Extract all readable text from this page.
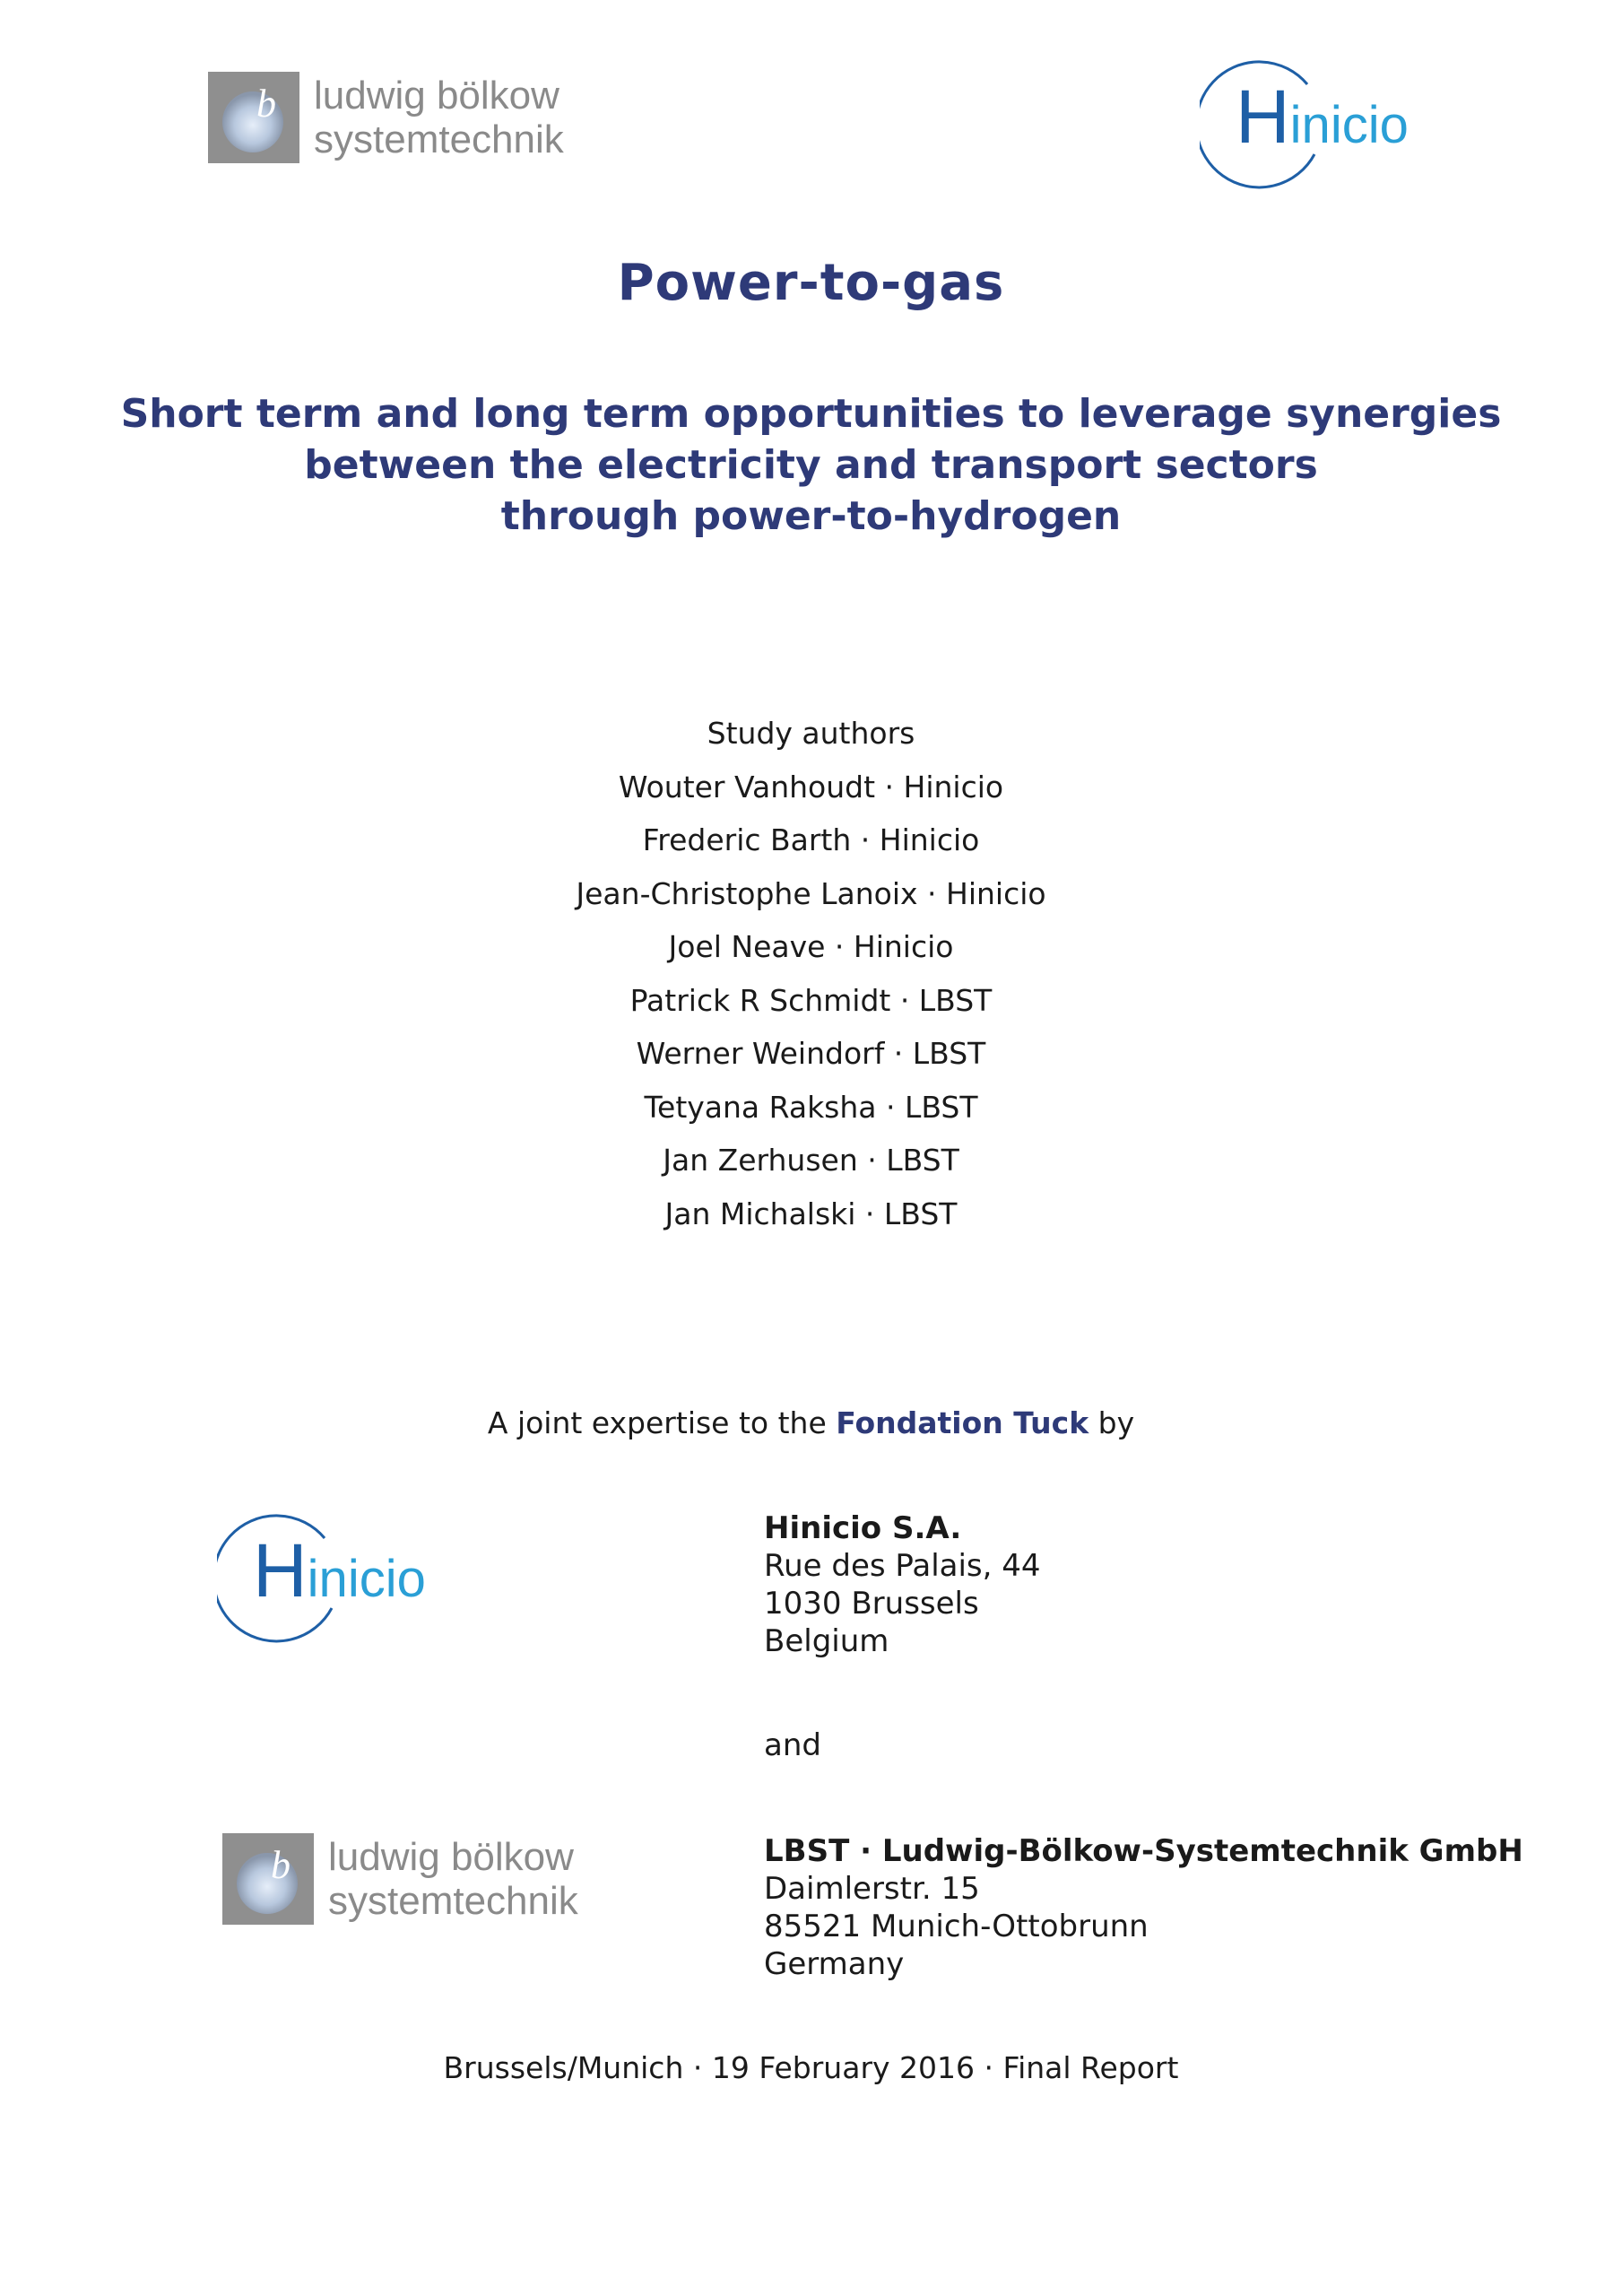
b ludwig bölkow
systemtechnik	Hinicio
Power-to-gas
Short term and long term opportunities to leverage synergies
between the electricity and transport sectors
through power-to-hydrogen
Study authors
Wouter Vanhoudt · Hinicio
Frederic Barth · Hinicio
Jean-Christophe Lanoix · Hinicio
Joel Neave · Hinicio
Patrick R Schmidt · LBST
Werner Weindorf · LBST
Tetyana Raksha · LBST
Jan Zerhusen · LBST
Jan Michalski · LBST
A joint expertise to the Fondation Tuck by
Hinicio
Hinicio S.A.
Rue des Palais, 44
1030 Brussels
Belgium
and
b ludwig bölkow
systemtechnik
LBST · Ludwig-Bölkow-Systemtechnik GmbH
Daimlerstr. 15
85521 Munich-Ottobrunn
Germany
Brussels/Munich · 19 February 2016 · Final Report
